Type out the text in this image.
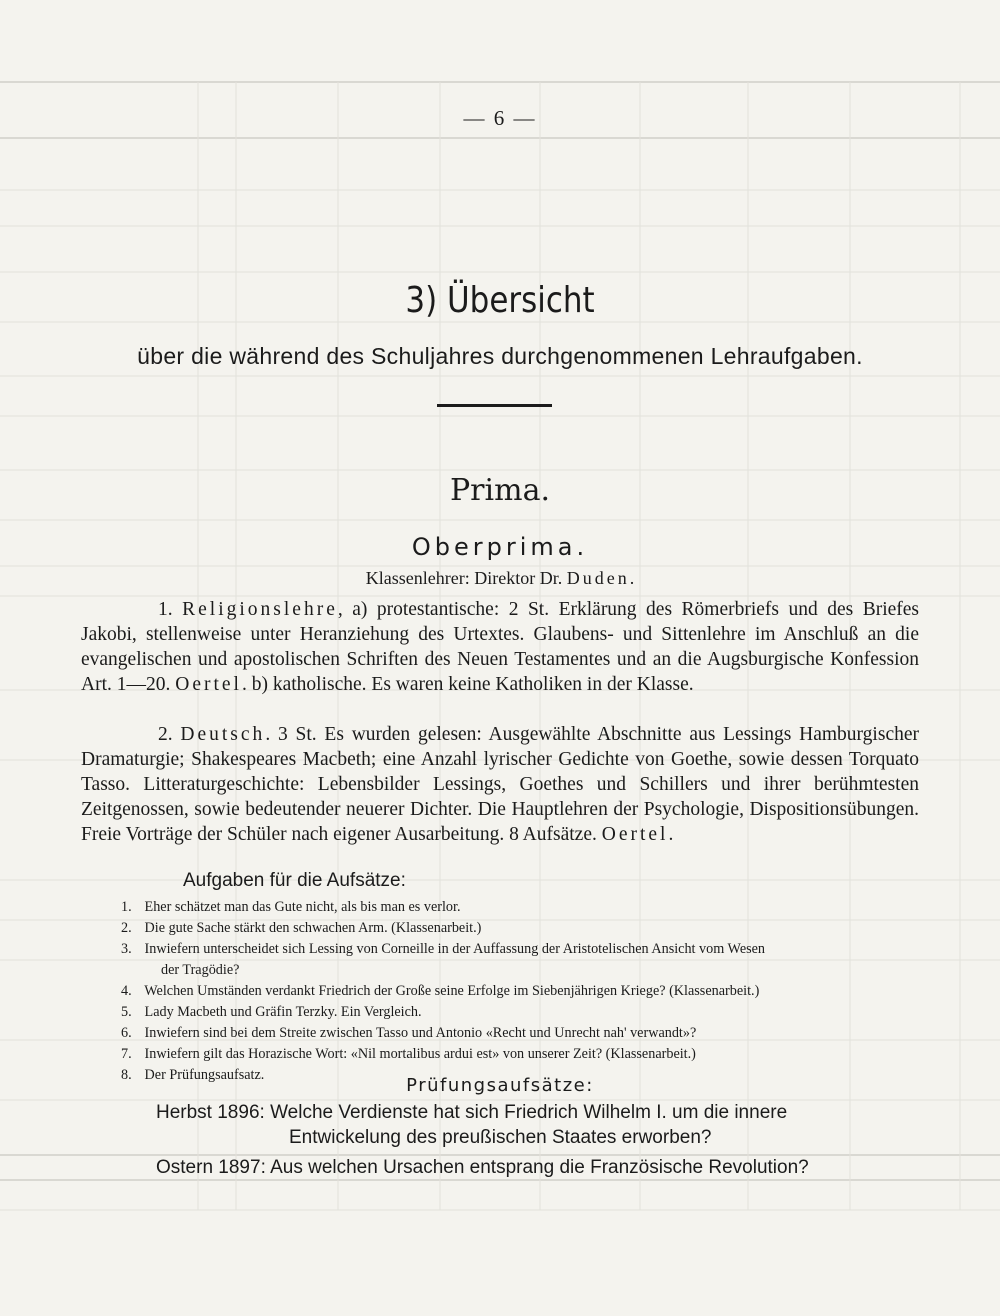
— 6 —
3) Übersicht
über die während des Schuljahres durchgenommenen Lehraufgaben.
Prima.
Oberprima.
Klassenlehrer: Direktor Dr. Duden.

1. Religionslehre, a) protestantische: 2 St. Erklärung des Römerbriefs und des Briefes Jakobi, stellenweise unter Heranziehung des Urtextes. Glaubens- und Sittenlehre im Anschluß an die evangelischen und apostolischen Schriften des Neuen Testamentes und an die Augsburgische Konfession Art. 1—20. Oertel. b) katholische. Es waren keine Katholiken in der Klasse.

2. Deutsch. 3 St. Es wurden gelesen: Ausgewählte Abschnitte aus Lessings Hamburgischer Dramaturgie; Shakespeares Macbeth; eine Anzahl lyrischer Gedichte von Goethe, sowie dessen Torquato Tasso. Litteraturgeschichte: Lebensbilder Lessings, Goethes und Schillers und ihrer berühmtesten Zeitgenossen, sowie bedeutender neuerer Dichter. Die Hauptlehren der Psychologie, Dispositionsübungen. Freie Vorträge der Schüler nach eigener Ausarbeitung. 8 Aufsätze. Oertel.

Aufgaben für die Aufsätze:
1. Eher schätzet man das Gute nicht, als bis man es verlor.
2. Die gute Sache stärkt den schwachen Arm. (Klassenarbeit.)
3. Inwiefern unterscheidet sich Lessing von Corneille in der Auffassung der Aristotelischen Ansicht vom Wesen
der Tragödie?
4. Welchen Umständen verdankt Friedrich der Große seine Erfolge im Siebenjährigen Kriege? (Klassenarbeit.)
5. Lady Macbeth und Gräfin Terzky. Ein Vergleich.
6. Inwiefern sind bei dem Streite zwischen Tasso und Antonio «Recht und Unrecht nah' verwandt»?
7. Inwiefern gilt das Horazische Wort: «Nil mortalibus ardui est» von unserer Zeit? (Klassenarbeit.)
8. Der Prüfungsaufsatz.	Prüfungsaufsätze:
Herbst 1896: Welche Verdienste hat sich Friedrich Wilhelm I. um die innere
Entwickelung des preußischen Staates erworben?
Ostern 1897: Aus welchen Ursachen entsprang die Französische Revolution?
